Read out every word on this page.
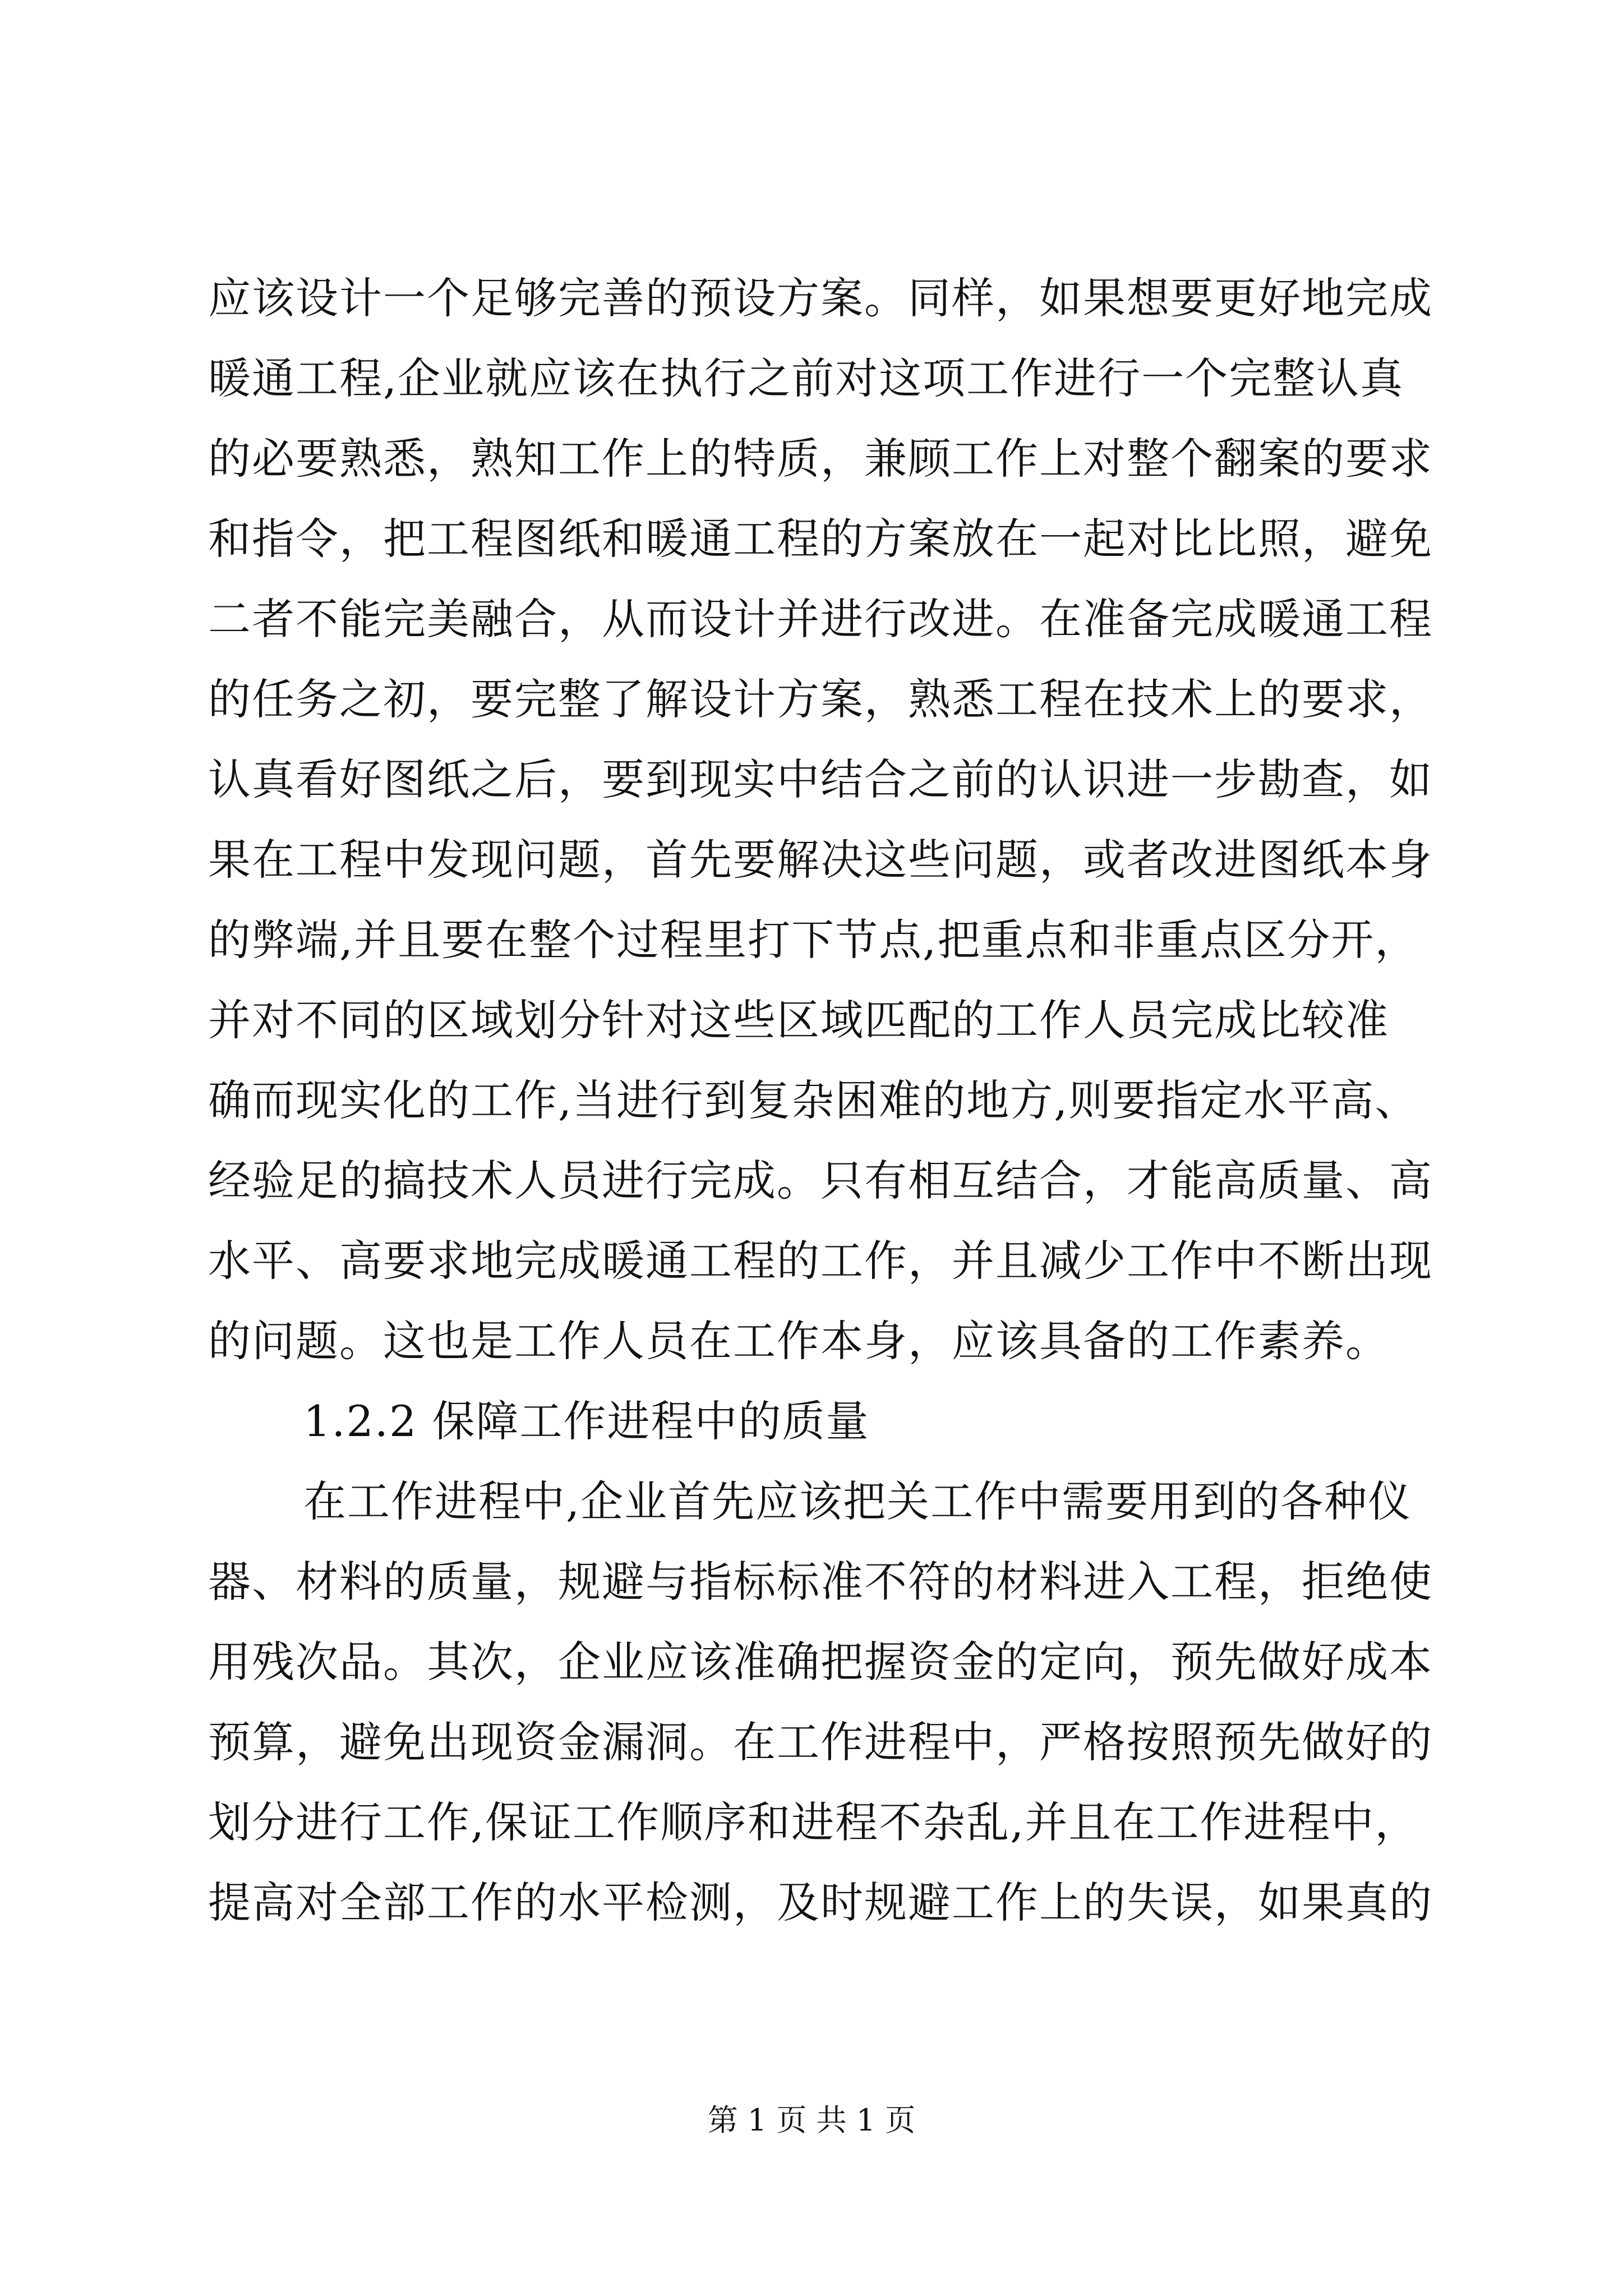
应该设计一个足够完善的预设方案。同样，如果想要更好地完成
暖通工程,企业就应该在执行之前对这项工作进行一个完整认真
的必要熟悉，熟知工作上的特质，兼顾工作上对整个翻案的要求
和指令，把工程图纸和暖通工程的方案放在一起对比比照，避免
二者不能完美融合，从而设计并进行改进。在准备完成暖通工程
的任务之初，要完整了解设计方案，熟悉工程在技术上的要求，
认真看好图纸之后，要到现实中结合之前的认识进一步勘查，如
果在工程中发现问题，首先要解决这些问题，或者改进图纸本身
的弊端,并且要在整个过程里打下节点,把重点和非重点区分开，
并对不同的区域划分针对这些区域匹配的工作人员完成比较准
确而现实化的工作,当进行到复杂困难的地方,则要指定水平高、
经验足的搞技术人员进行完成。只有相互结合，才能高质量、高
水平、高要求地完成暖通工程的工作，并且减少工作中不断出现
的问题。这也是工作人员在工作本身，应该具备的工作素养。
1.2.2 保障工作进程中的质量
在工作进程中,企业首先应该把关工作中需要用到的各种仪
器、材料的质量，规避与指标标准不符的材料进入工程，拒绝使
用残次品。其次，企业应该准确把握资金的定向，预先做好成本
预算，避免出现资金漏洞。在工作进程中，严格按照预先做好的
划分进行工作,保证工作顺序和进程不杂乱,并且在工作进程中，
提高对全部工作的水平检测，及时规避工作上的失误，如果真的
第 1 页 共 1 页
